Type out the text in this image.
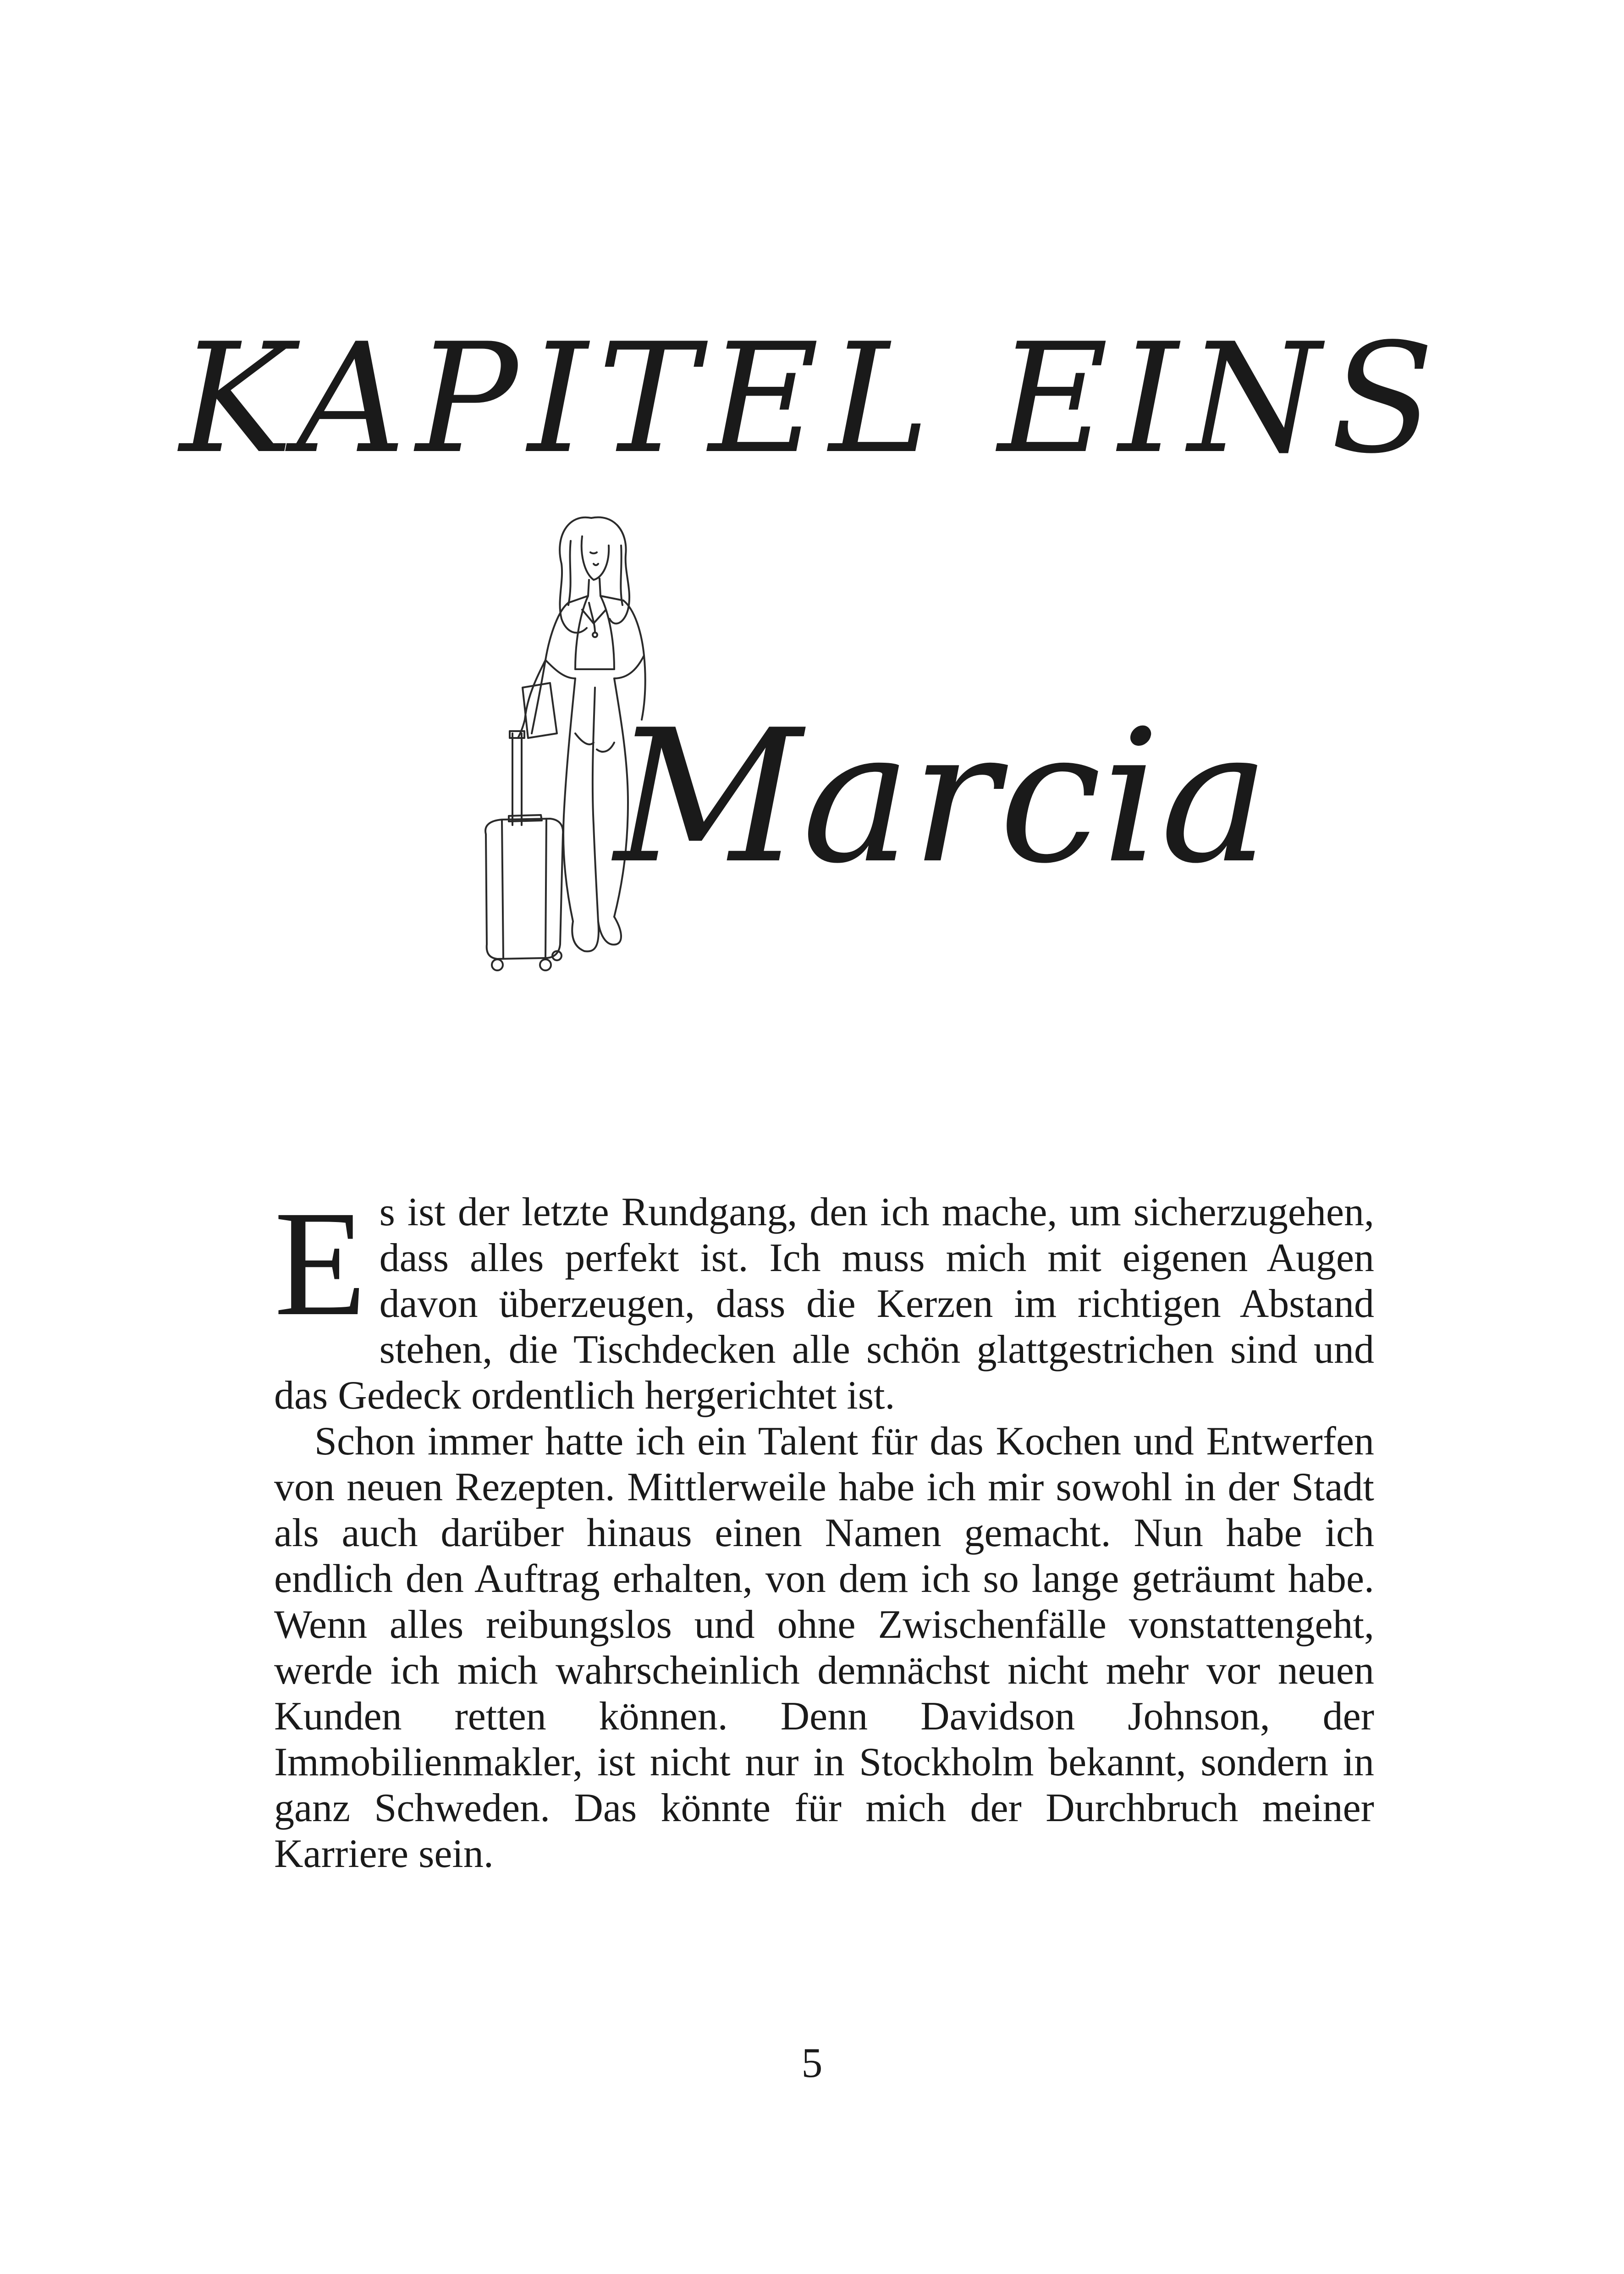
KAPITEL EINS
Marcia

Es ist der letzte Rundgang, den ich mache, um sicherzugehen, dass alles perfekt ist. Ich muss mich mit eigenen Augen davon überzeugen, dass die Kerzen im richtigen Abstand stehen, die Tischdecken alle schön glattgestrichen sind und das Gedeck ordentlich hergerichtet ist.

Schon immer hatte ich ein Talent für das Kochen und Entwerfen von neuen Rezepten. Mittlerweile habe ich mir sowohl in der Stadt als auch darüber hinaus einen Namen gemacht. Nun habe ich endlich den Auftrag erhalten, von dem ich so lange geträumt habe. Wenn alles reibungslos und ohne Zwischenfälle vonstattengeht, werde ich mich wahrscheinlich demnächst nicht mehr vor neuen Kunden retten können. Denn Davidson Johnson, der Immobilienmakler, ist nicht nur in Stockholm bekannt, sondern in ganz Schweden. Das könnte für mich der Durchbruch meiner Karriere sein.

5
